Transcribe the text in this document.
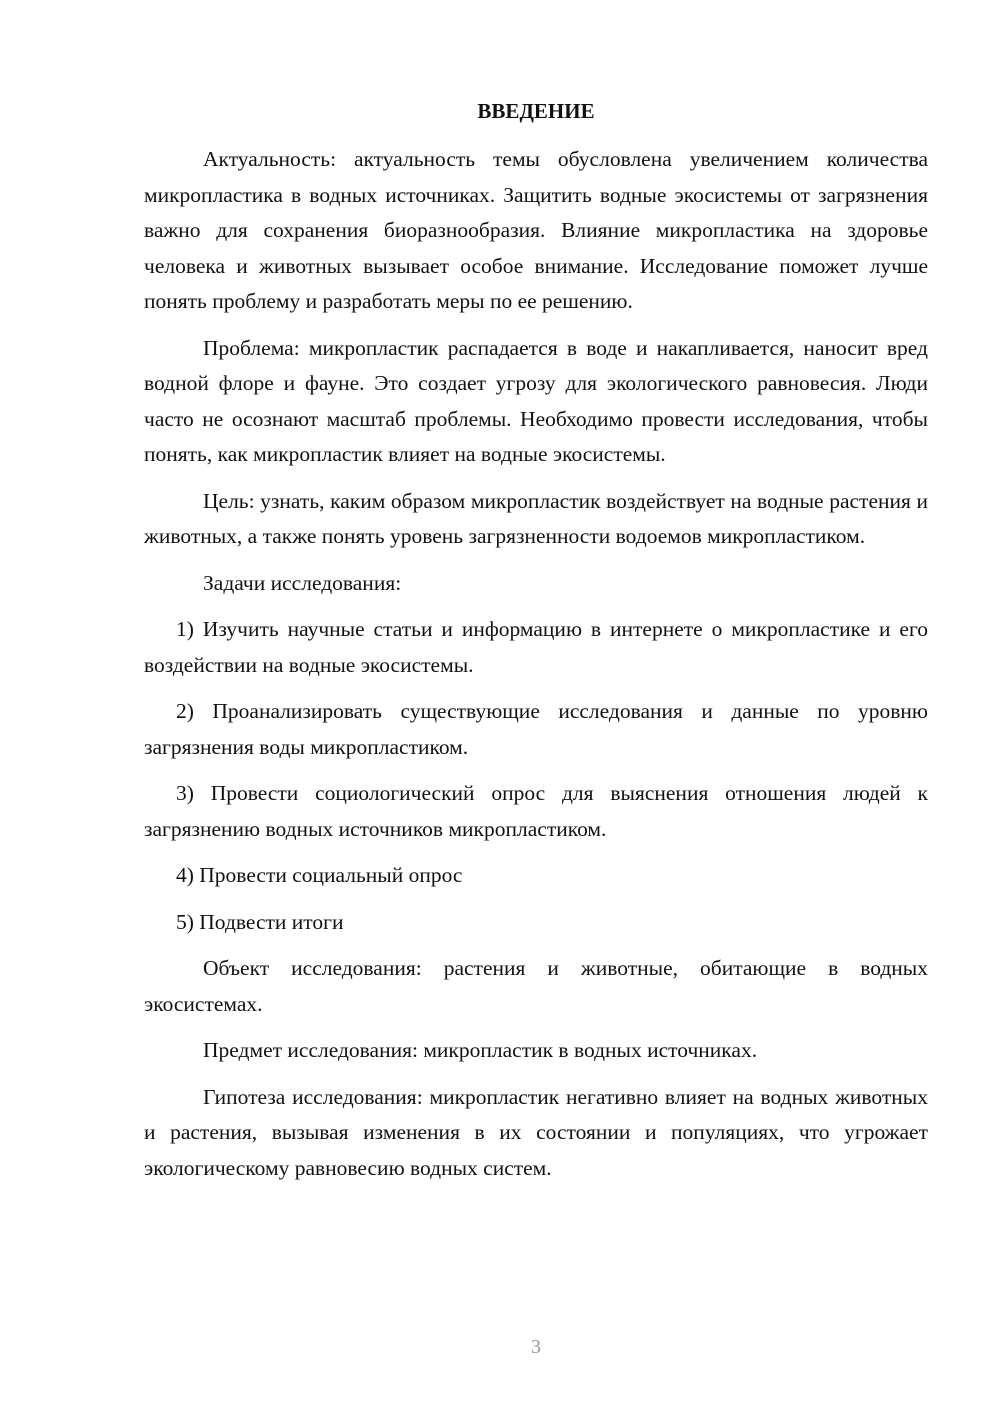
ВВЕДЕНИЕ

Актуальность: актуальность темы обусловлена увеличением количества микропластика в водных источниках. Защитить водные экосистемы от загрязнения важно для сохранения биоразнообразия. Влияние микропластика на здоровье человека и животных вызывает особое внимание. Исследование поможет лучше понять проблему и разработать меры по ее решению.

Проблема: микропластик распадается в воде и накапливается, наносит вред водной флоре и фауне. Это создает угрозу для экологического равновесия. Люди часто не осознают масштаб проблемы. Необходимо провести исследования, чтобы понять, как микропластик влияет на водные экосистемы.

Цель: узнать, каким образом микропластик воздействует на водные растения и животных, а также понять уровень загрязненности водоемов микропластиком.

Задачи исследования:

1) Изучить научные статьи и информацию в интернете о микропластике и его воздействии на водные экосистемы.

2) Проанализировать существующие исследования и данные по уровню загрязнения воды микропластиком.

3) Провести социологический опрос для выяснения отношения людей к загрязнению водных источников микропластиком.

4) Провести социальный опрос

5) Подвести итоги

Объект исследования: растения и животные, обитающие в водных экосистемах.

Предмет исследования: микропластик в водных источниках.

Гипотеза исследования: микропластик негативно влияет на водных животных и растения, вызывая изменения в их состоянии и популяциях, что угрожает экологическому равновесию водных систем.

3
